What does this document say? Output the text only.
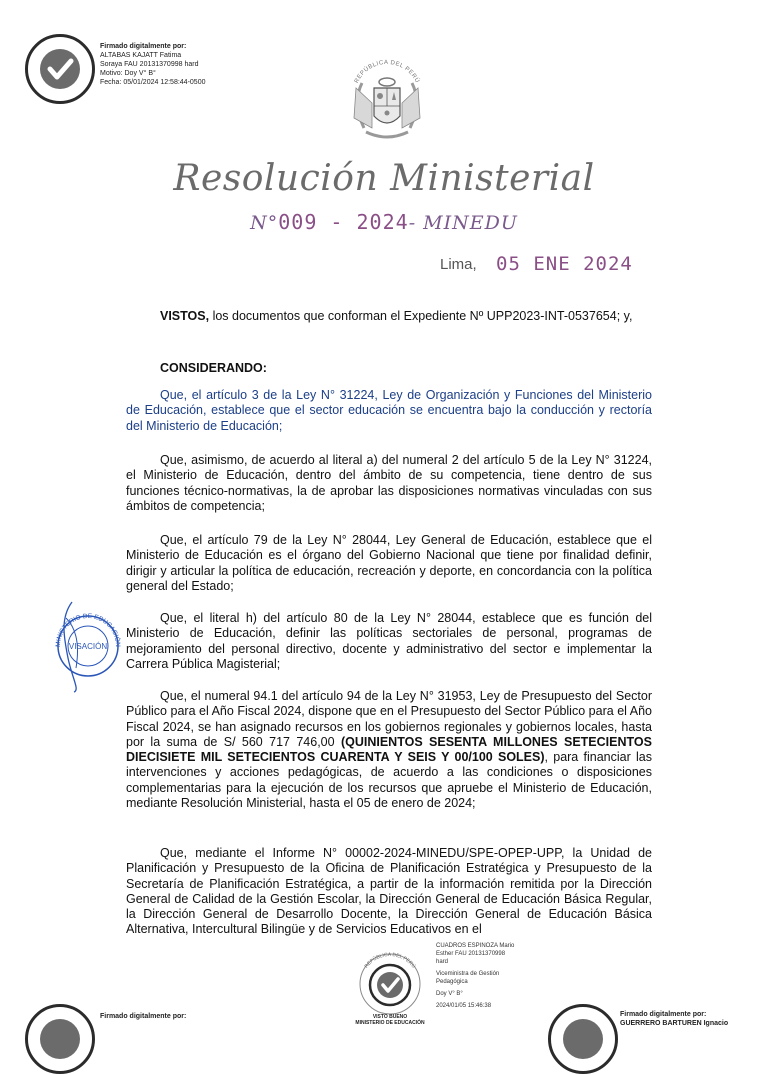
Firmado digitalmente por:
ALTABAS KAJATT Fatima
Soraya FAU 20131370998 hard
Motivo: Doy V° B°
Fecha: 05/01/2024 12:58:44-0500	REPÚBLICA DEL PERÚ
Resolución Ministerial
N°009 - 2024- MINEDU
Lima, 05 ENE 2024
VISTOS, los documentos que conforman el Expediente Nº UPP2023-INT-0537654; y,
CONSIDERANDO:
Que, el artículo 3 de la Ley N° 31224, Ley de Organización y Funciones del Ministerio de Educación, establece que el sector educación se encuentra bajo la conducción y rectoría del Ministerio de Educación;
Que, asimismo, de acuerdo al literal a) del numeral 2 del artículo 5 de la Ley N° 31224, el Ministerio de Educación, dentro del ámbito de su competencia, tiene dentro de sus funciones técnico-normativas, la de aprobar las disposiciones normativas vinculadas con sus ámbitos de competencia;
Que, el artículo 79 de la Ley N° 28044, Ley General de Educación, establece que el Ministerio de Educación es el órgano del Gobierno Nacional que tiene por finalidad definir, dirigir y articular la política de educación, recreación y deporte, en concordancia con la política general del Estado;
Que, el literal h) del artículo 80 de la Ley N° 28044, establece que es función del Ministerio de Educación, definir las políticas sectoriales de personal, programas de mejoramiento del personal directivo, docente y administrativo del sector e implementar la Carrera Pública Magisterial;
Que, el numeral 94.1 del artículo 94 de la Ley N° 31953, Ley de Presupuesto del Sector Público para el Año Fiscal 2024, dispone que en el Presupuesto del Sector Público para el Año Fiscal 2024, se han asignado recursos en los gobiernos regionales y gobiernos locales, hasta por la suma de S/ 560 717 746,00 (QUINIENTOS SESENTA MILLONES SETECIENTOS DIECISIETE MIL SETECIENTOS CUARENTA Y SEIS Y 00/100 SOLES), para financiar las intervenciones y acciones pedagógicas, de acuerdo a las condiciones o disposiciones complementarias para la ejecución de los recursos que apruebe el Ministerio de Educación, mediante Resolución Ministerial, hasta el 05 de enero de 2024;
Que, mediante el Informe N° 00002-2024-MINEDU/SPE-OPEP-UPP, la Unidad de Planificación y Presupuesto de la Oficina de Planificación Estratégica y Presupuesto de la Secretaría de Planificación Estratégica, a partir de la información remitida por la Dirección General de Calidad de la Gestión Escolar, la Dirección General de Educación Básica Regular, la Dirección General de Desarrollo Docente, la Dirección General de Educación Básica Alternativa, Intercultural Bilingüe y de Servicios Educativos en el
MINISTERIO DE EDUCACIÓN
VISACIÓN
REPÚBLICA DEL PERÚ
VISTO BUENO
MINISTERIO DE EDUCACIÓN
CUADROS ESPINOZA Mario
Esther FAU 20131370998
hard
Viceministra de Gestión
Pedagógica
Doy V° B°
2024/01/05 15:46:38
Firmado digitalmente por:	Firmado digitalmente por:
GUERRERO BARTUREN Ignacio
